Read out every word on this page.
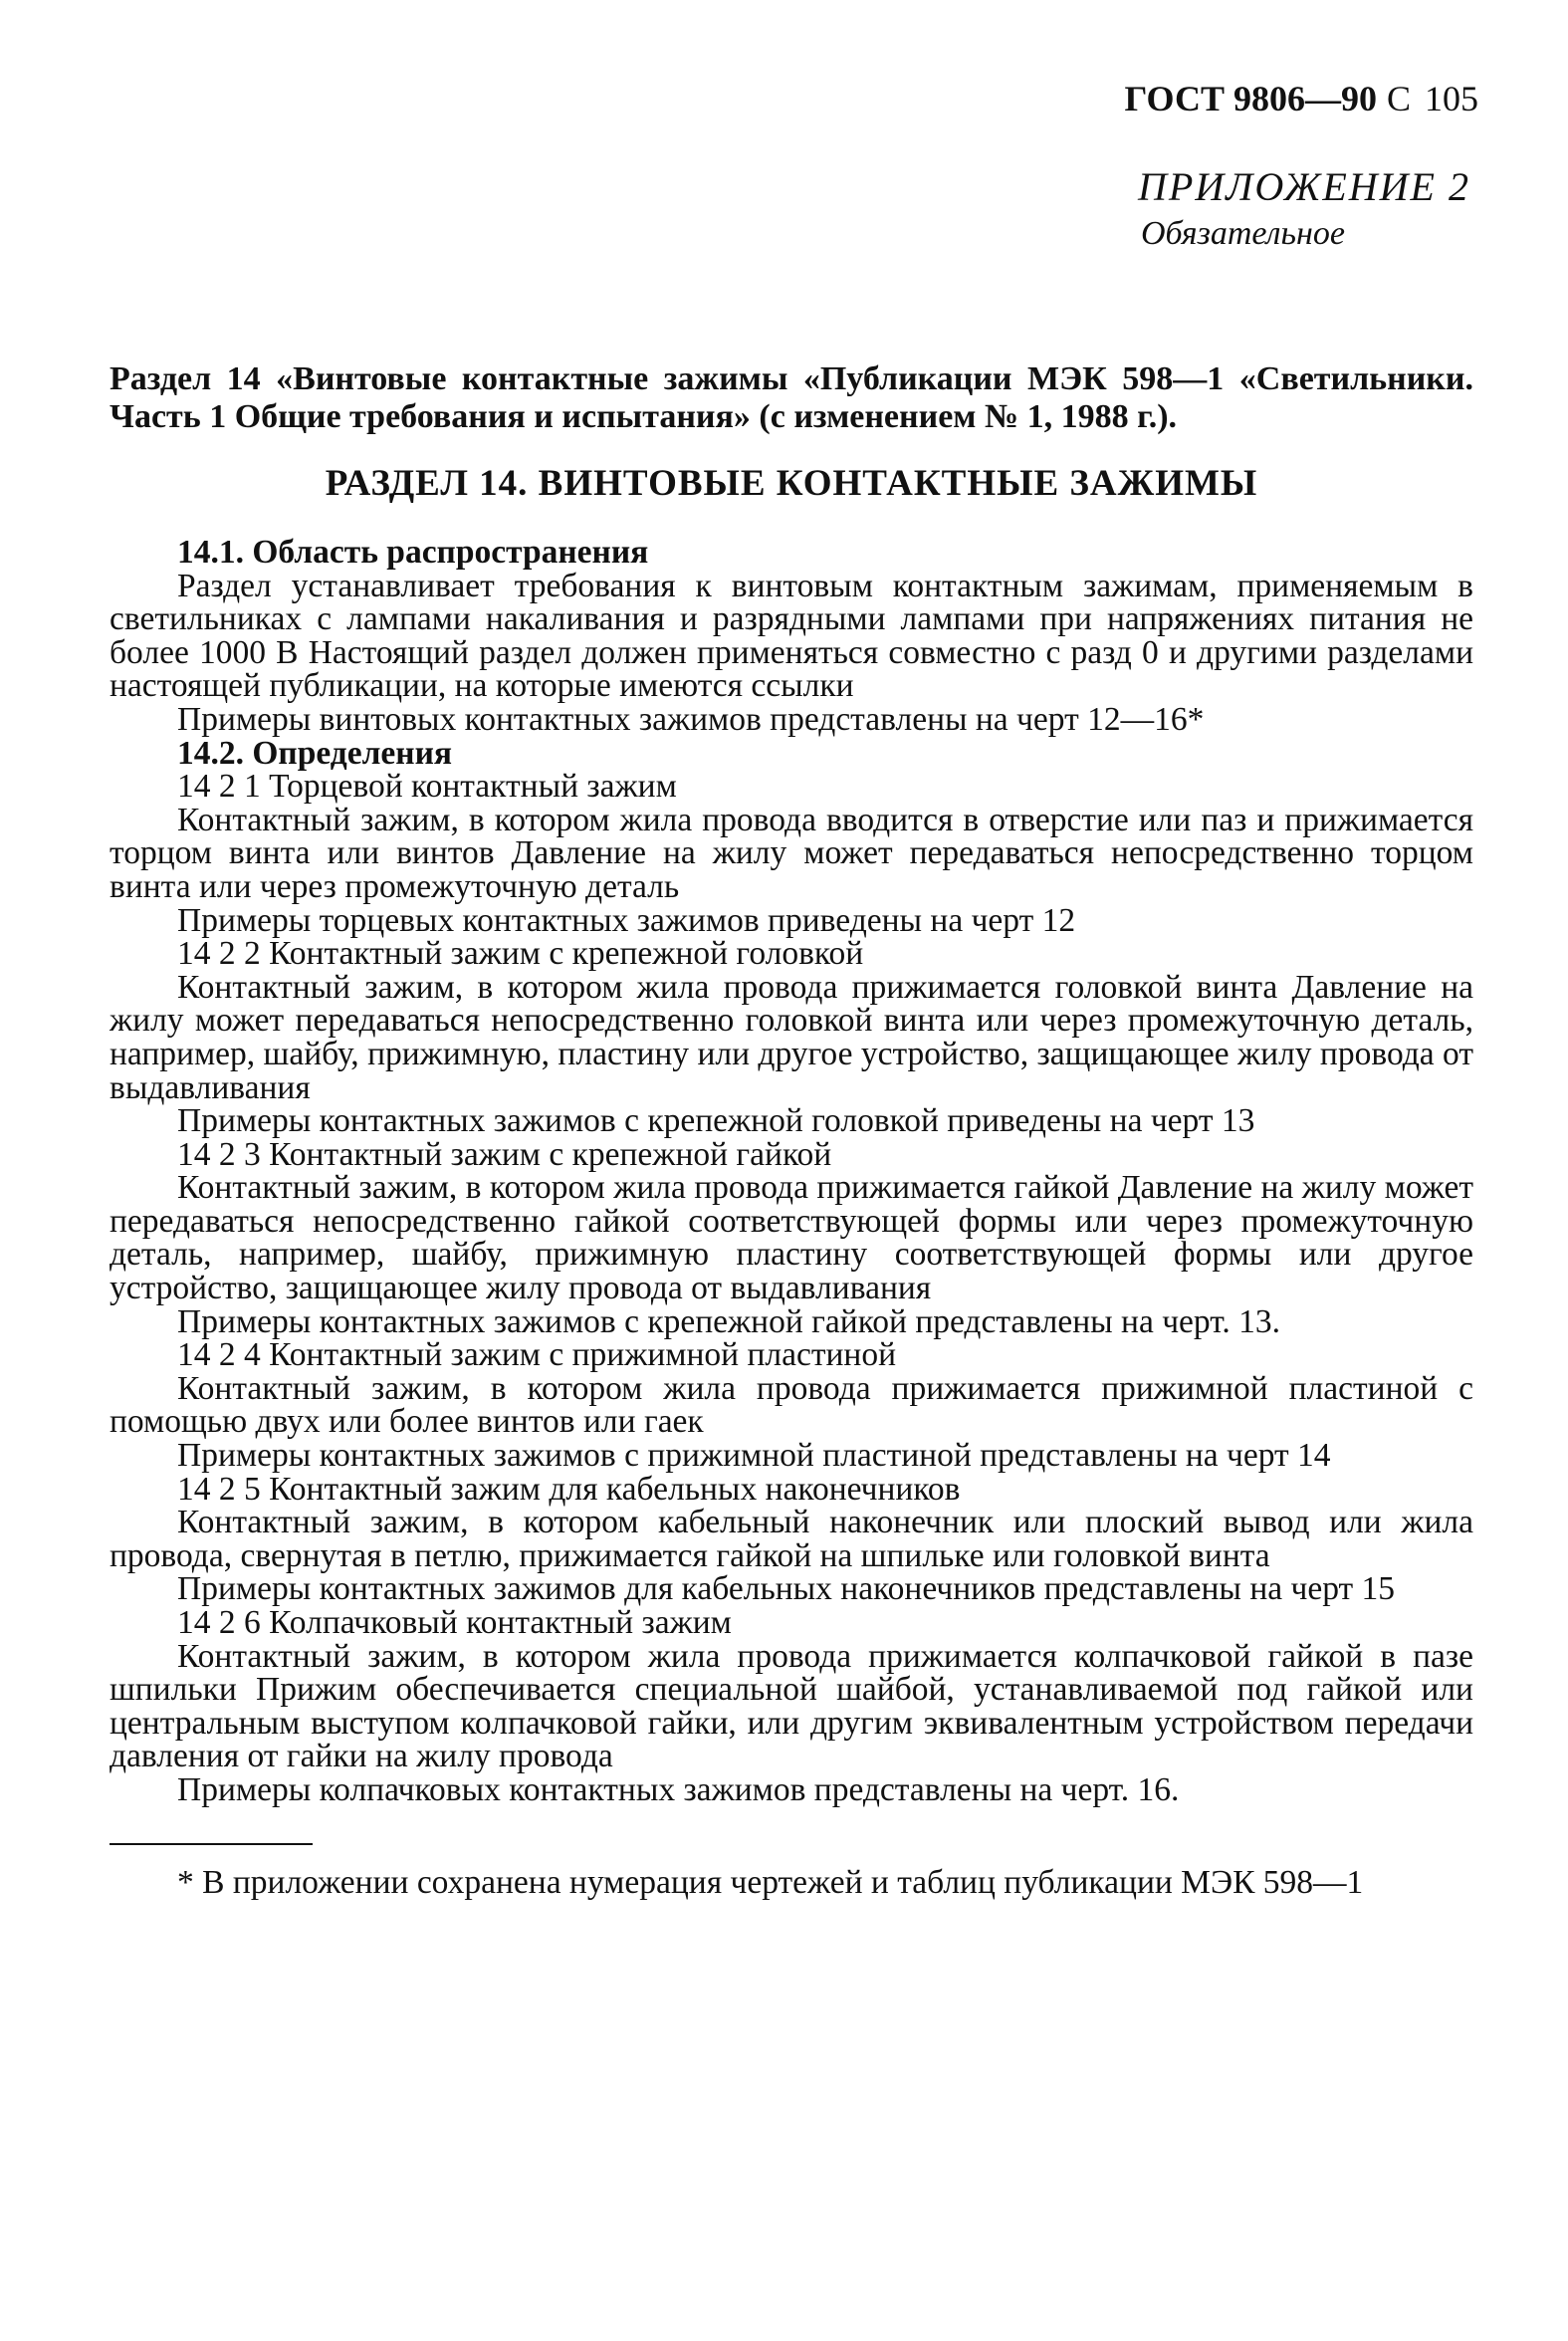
ГОСТ 9806—90 С 105
ПРИЛОЖЕНИЕ 2
Обязательное

Раздел 14 «Винтовые контактные зажимы «Публикации МЭК 598—1 «Светильники. Часть 1 Общие требования и испытания» (с изменением № 1, 1988 г.).

РАЗДЕЛ 14. ВИНТОВЫЕ КОНТАКТНЫЕ ЗАЖИМЫ

14.1. Область распространения

Раздел устанавливает требования к винтовым контактным зажимам, применяемым в светильниках с лампами накаливания и разрядными лампами при напряжениях питания не более 1000 В Настоящий раздел должен применяться совместно с разд 0 и другими разделами настоящей публикации, на которые имеются ссылки

Примеры винтовых контактных зажимов представлены на черт 12—16*

14.2. Определения

14 2 1 Торцевой контактный зажим

Контактный зажим, в котором жила провода вводится в отверстие или паз и прижимается торцом винта или винтов Давление на жилу может передаваться непосредственно торцом винта или через промежуточную деталь

Примеры торцевых контактных зажимов приведены на черт 12

14 2 2 Контактный зажим с крепежной головкой

Контактный зажим, в котором жила провода прижимается головкой винта Давление на жилу может передаваться непосредственно головкой винта или через промежуточную деталь, например, шайбу, прижимную, пластину или другое устройство, защищающее жилу провода от выдавливания

Примеры контактных зажимов с крепежной головкой приведены на черт 13

14 2 3 Контактный зажим с крепежной гайкой

Контактный зажим, в котором жила провода прижимается гайкой Давление на жилу может передаваться непосредственно гайкой соответствующей формы или через промежуточную деталь, например, шайбу, прижимную пластину соответствующей формы или другое устройство, защищающее жилу провода от выдавливания

Примеры контактных зажимов с крепежной гайкой представлены на черт. 13.

14 2 4 Контактный зажим с прижимной пластиной

Контактный зажим, в котором жила провода прижимается прижимной пластиной с помощью двух или более винтов или гаек

Примеры контактных зажимов с прижимной пластиной представлены на черт 14

14 2 5 Контактный зажим для кабельных наконечников

Контактный зажим, в котором кабельный наконечник или плоский вывод или жила провода, свернутая в петлю, прижимается гайкой на шпильке или головкой винта

Примеры контактных зажимов для кабельных наконечников представлены на черт 15

14 2 6 Колпачковый контактный зажим

Контактный зажим, в котором жила провода прижимается колпачковой гайкой в пазе шпильки Прижим обеспечивается специальной шайбой, устанавливаемой под гайкой или центральным выступом колпачковой гайки, или другим эквивалентным устройством передачи давления от гайки на жилу провода

Примеры колпачковых контактных зажимов представлены на черт. 16.

* В приложении сохранена нумерация чертежей и таблиц публикации МЭК 598—1
